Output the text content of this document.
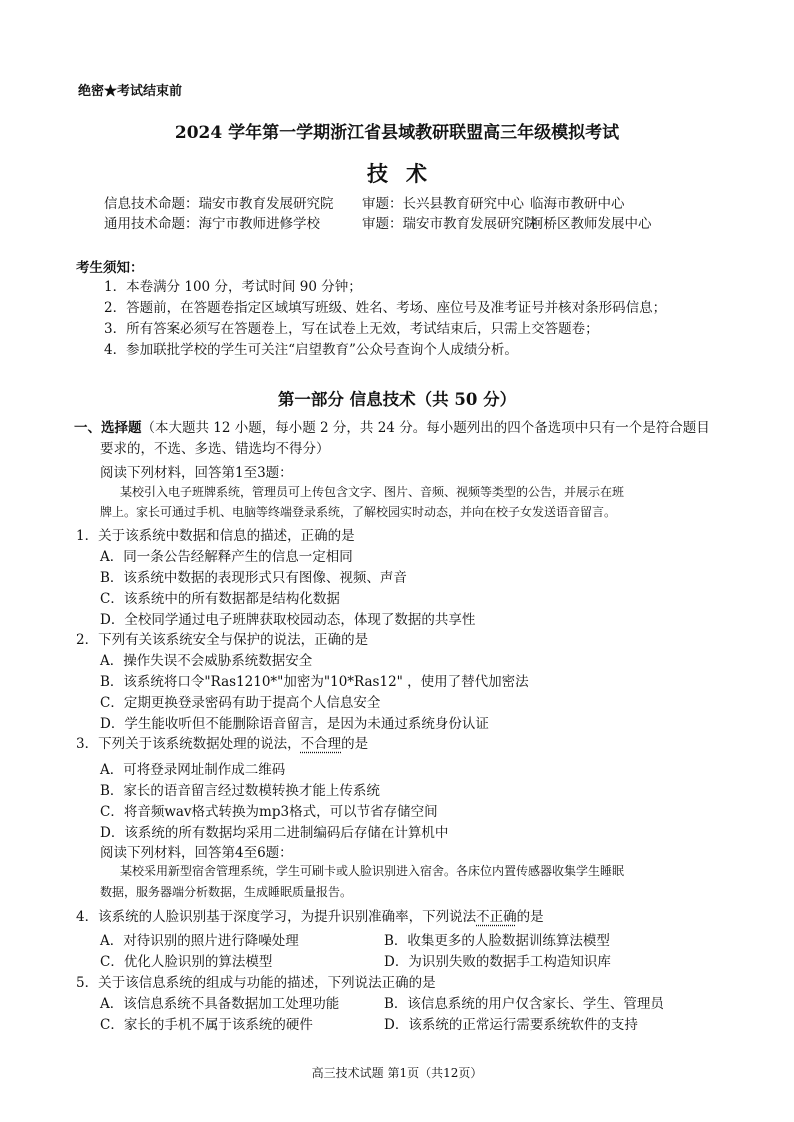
绝密★考试结束前
2024 学年第一学期浙江省县域教研联盟高三年级模拟考试
技术
信息技术命题：瑞安市教育发展研究院 审题：长兴县教育研究中心 临海市教研中心
通用技术命题：海宁市教师进修学校	审题：瑞安市教育发展研究院柯桥区教师发展中心
考生须知：
1．本卷满分 100 分，考试时间 90 分钟；
2．答题前，在答题卷指定区域填写班级、姓名、考场、座位号及准考证号并核对条形码信息；
3．所有答案必须写在答题卷上，写在试卷上无效，考试结束后，只需上交答题卷；
4．参加联批学校的学生可关注“启望教育”公众号查询个人成绩分析。
第一部分 信息技术（共 50 分）
一、选择题（本大题共 12 小题，每小题 2 分，共 24 分。每小题列出的四个备选项中只有一个是符合题目
要求的，不选、多选、错选均不得分）
阅读下列材料，回答第1至3题：
某校引入电子班牌系统，管理员可上传包含文字、图片、音频、视频等类型的公告，并展示在班
牌上。家长可通过手机、电脑等终端登录系统，了解校园实时动态，并向在校子女发送语音留言。
1．关于该系统中数据和信息的描述，正确的是
A．同一条公告经解释产生的信息一定相同
B．该系统中数据的表现形式只有图像、视频、声音
C．该系统中的所有数据都是结构化数据
D．全校同学通过电子班牌获取校园动态，体现了数据的共享性
2．下列有关该系统安全与保护的说法，正确的是
A．操作失误不会威胁系统数据安全
B．该系统将口令"Ras1210*"加密为"10*Ras12" ，使用了替代加密法
C．定期更换登录密码有助于提高个人信息安全
D．学生能收听但不能删除语音留言，是因为未通过系统身份认证
3．下列关于该系统数据处理的说法，不合理的是
A．可将登录网址制作成二维码
B．家长的语音留言经过数模转换才能上传系统
C．将音频wav格式转换为mp3格式，可以节省存储空间
D．该系统的所有数据均采用二进制编码后存储在计算机中
阅读下列材料，回答第4至6题：
某校采用新型宿舍管理系统，学生可刷卡或人脸识别进入宿舍。各床位内置传感器收集学生睡眠
数据，服务器端分析数据，生成睡眠质量报告。
4．该系统的人脸识别基于深度学习，为提升识别准确率，下列说法不正确的是
A．对待识别的照片进行降噪处理	B．收集更多的人脸数据训练算法模型
C．优化人脸识别的算法模型	D．为识别失败的数据手工构造知识库
5．关于该信息系统的组成与功能的描述，下列说法正确的是
A．该信息系统不具备数据加工处理功能	B．该信息系统的用户仅含家长、学生、管理员
C．家长的手机不属于该系统的硬件	D．该系统的正常运行需要系统软件的支持
高三技术试题 第1页（共12页）
